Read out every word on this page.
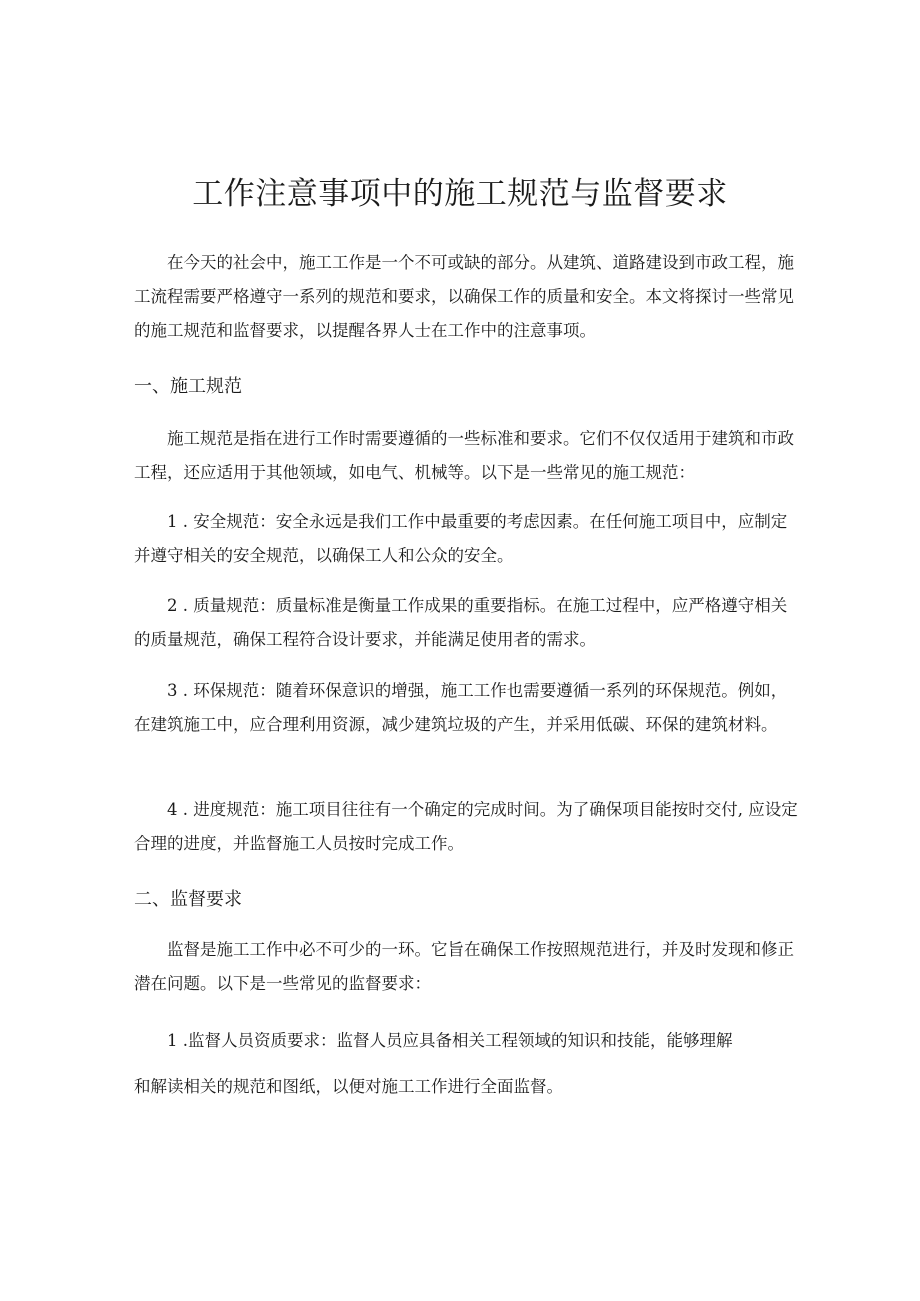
工作注意事项中的施工规范与监督要求

在今天的社会中，施工工作是一个不可或缺的部分。从建筑、道路建设到市政工程，施工流程需要严格遵守一系列的规范和要求，以确保工作的质量和安全。本文将探讨一些常见的施工规范和监督要求，以提醒各界人士在工作中的注意事项。

一、施工规范

施工规范是指在进行工作时需要遵循的一些标准和要求。它们不仅仅适用于建筑和市政工程，还应适用于其他领域，如电气、机械等。以下是一些常见的施工规范：

1 . 安全规范：安全永远是我们工作中最重要的考虑因素。在任何施工项目中，应制定并遵守相关的安全规范，以确保工人和公众的安全。

2 . 质量规范：质量标准是衡量工作成果的重要指标。在施工过程中，应严格遵守相关的质量规范，确保工程符合设计要求，并能满足使用者的需求。

3 . 环保规范：随着环保意识的增强，施工工作也需要遵循一系列的环保规范。例如，在建筑施工中，应合理利用资源，减少建筑垃圾的产生，并采用低碳、环保的建筑材料。

4 . 进度规范：施工项目往往有一个确定的完成时间。为了确保项目能按时交付, 应设定合理的进度，并监督施工人员按时完成工作。

二、监督要求

监督是施工工作中必不可少的一环。它旨在确保工作按照规范进行，并及时发现和修正潜在问题。以下是一些常见的监督要求：

1 .监督人员资质要求：监督人员应具备相关工程领域的知识和技能，能够理解

和解读相关的规范和图纸，以便对施工工作进行全面监督。
